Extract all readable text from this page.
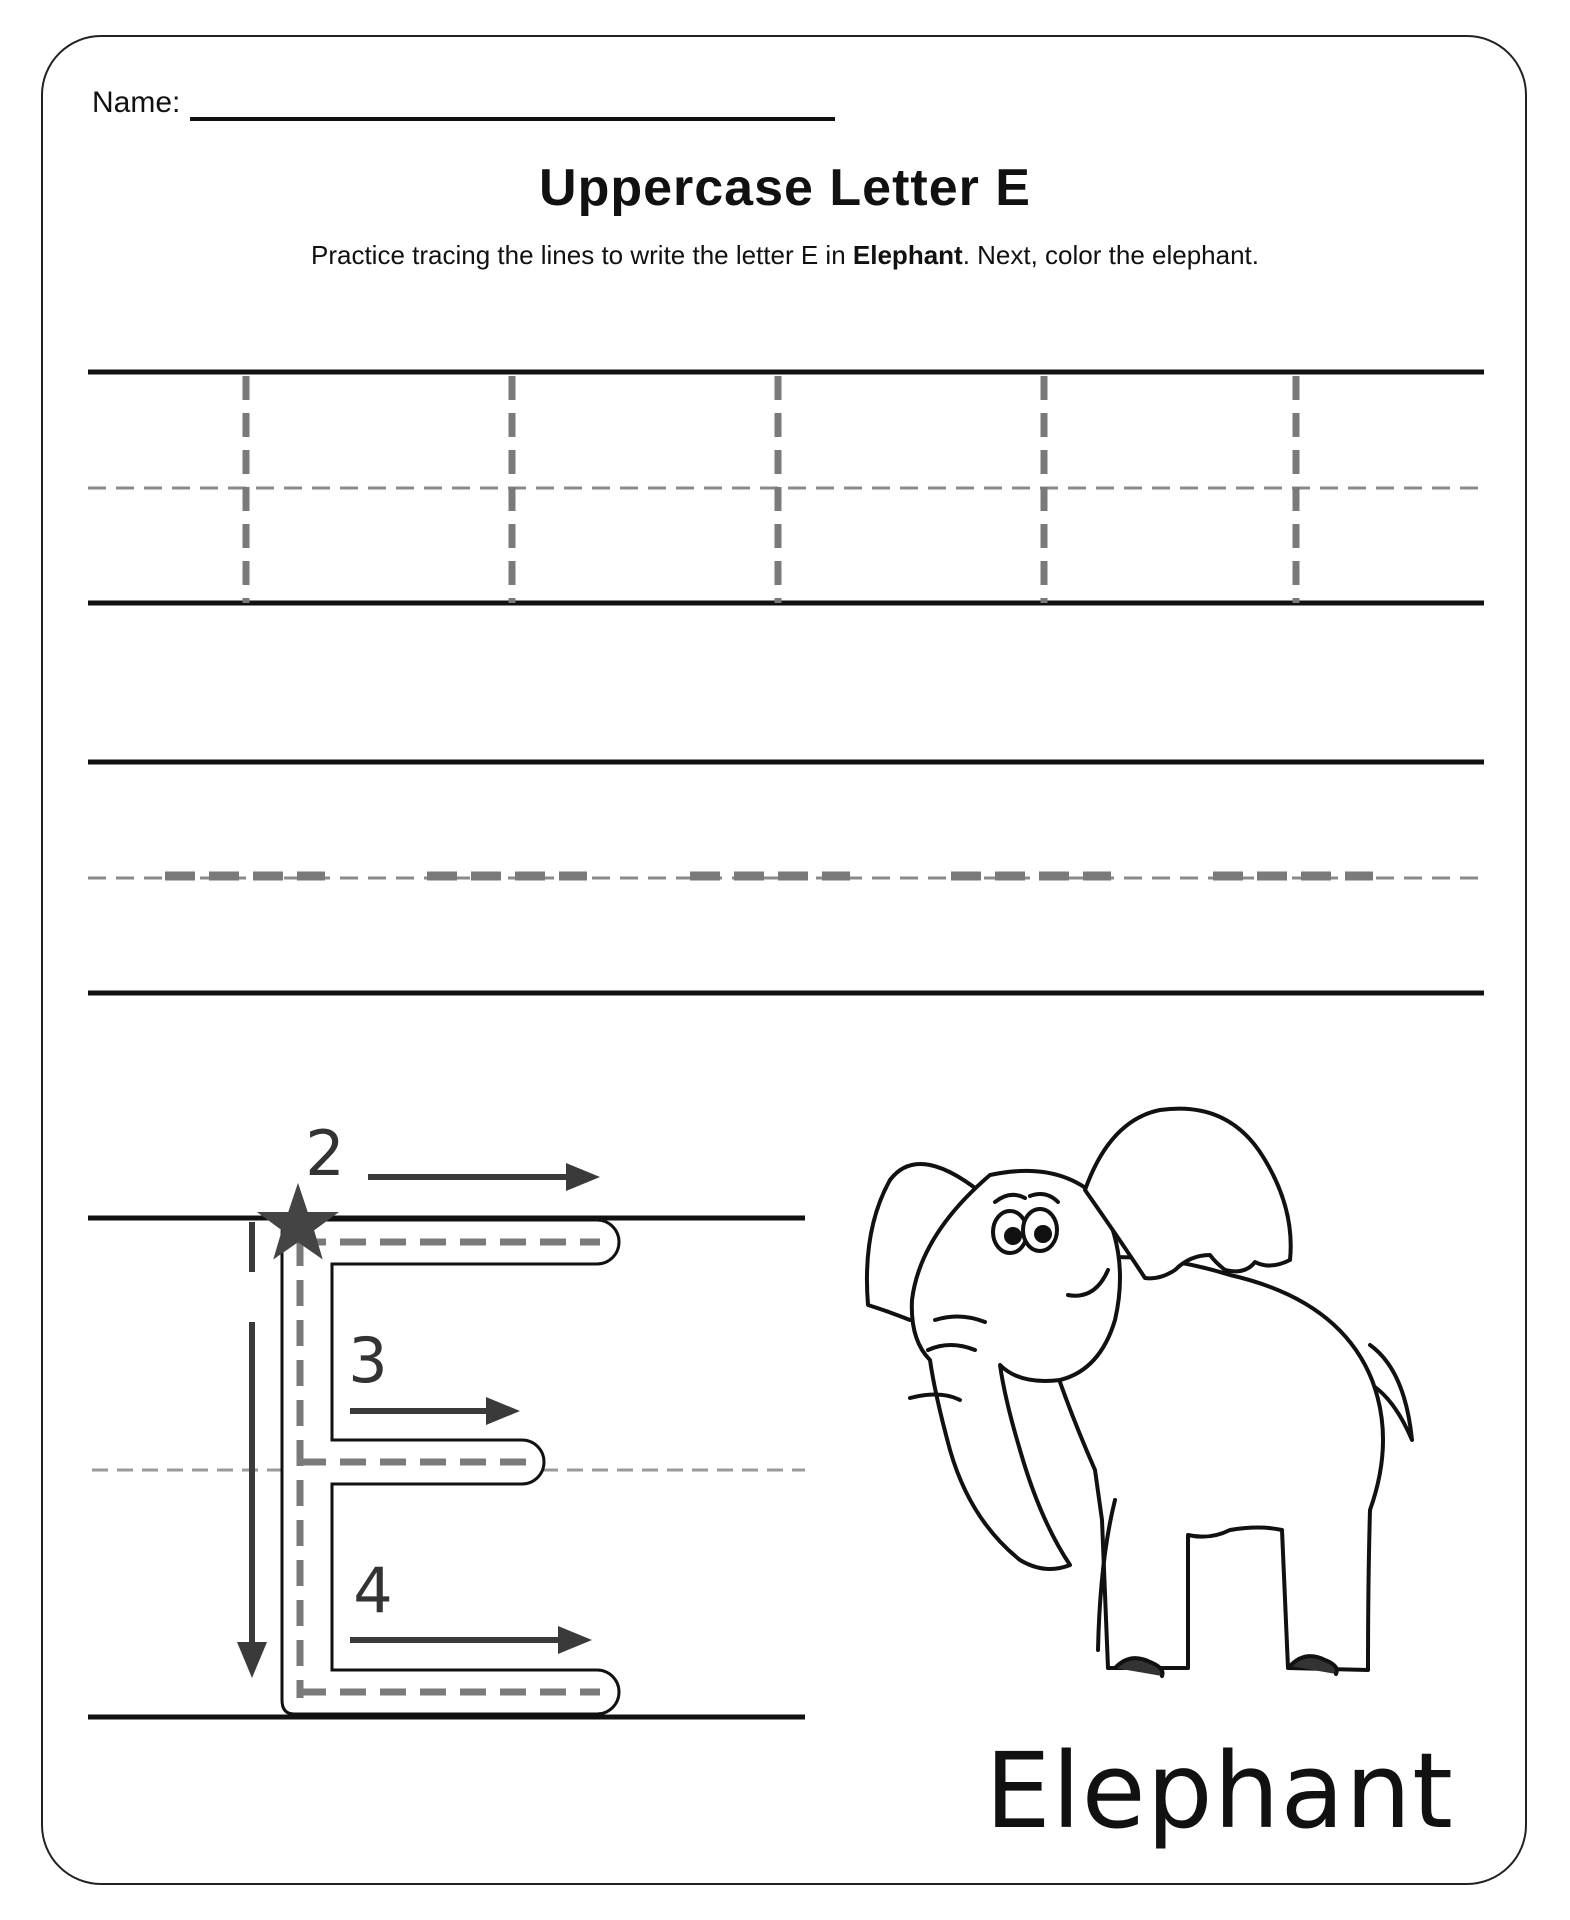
Name:
Uppercase Letter E
Practice tracing the lines to write the letter E in Elephant. Next, color the elephant.
2
3
4
Elephant
